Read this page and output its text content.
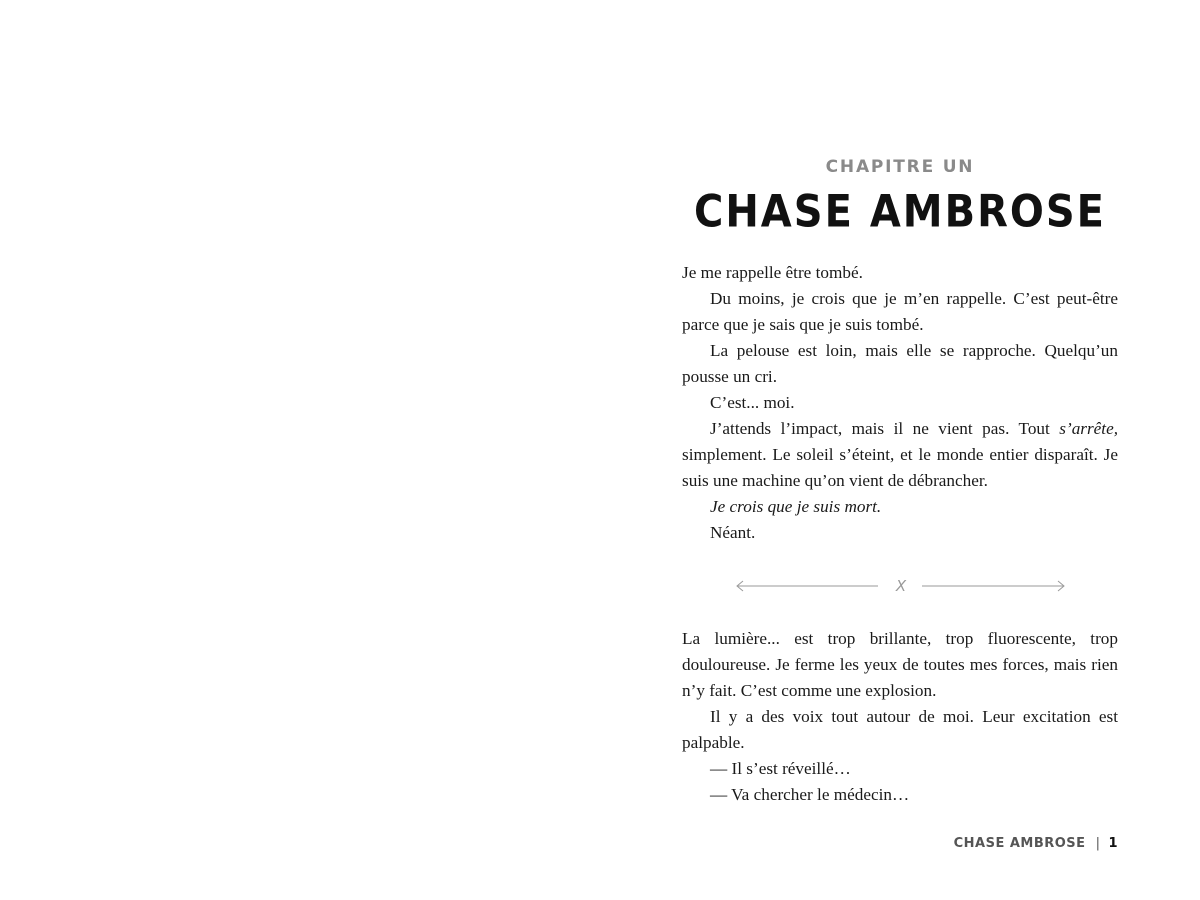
CHAPITRE UN
CHASE AMBROSE

Je me rappelle être tombé.

Du moins, je crois que je m’en rappelle. C’est peut-être parce que je sais que je suis tombé.

La pelouse est loin, mais elle se rapproche. Quelqu’un pousse un cri.

C’est... moi.

J’attends l’impact, mais il ne vient pas. Tout s’arrête, simplement. Le soleil s’éteint, et le monde entier disparaît. Je suis une machine qu’on vient de débrancher.

Je crois que je suis mort.

Néant.

X

La lumière... est trop brillante, trop fluorescente, trop douloureuse. Je ferme les yeux de toutes mes forces, mais rien n’y fait. C’est comme une explosion.

Il y a des voix tout autour de moi. Leur excitation est palpable.

— Il s’est réveillé…

— Va chercher le médecin…

CHASE AMBROSE | 1
